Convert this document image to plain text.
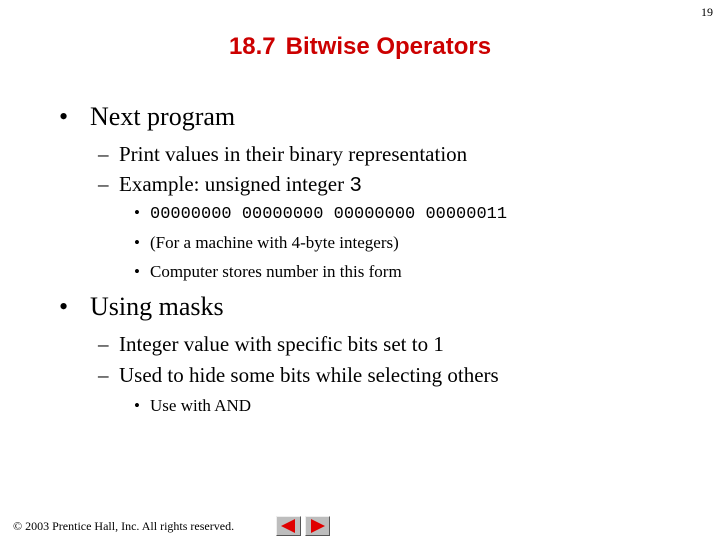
19
18.7 Bitwise Operators
• Next program
– Print values in their binary representation
– Example: unsigned integer 3
• 00000000 00000000 00000000 00000011
• (For a machine with 4-byte integers)
• Computer stores number in this form
• Using masks
– Integer value with specific bits set to 1
– Used to hide some bits while selecting others
• Use with AND
© 2003 Prentice Hall, Inc. All rights reserved.
